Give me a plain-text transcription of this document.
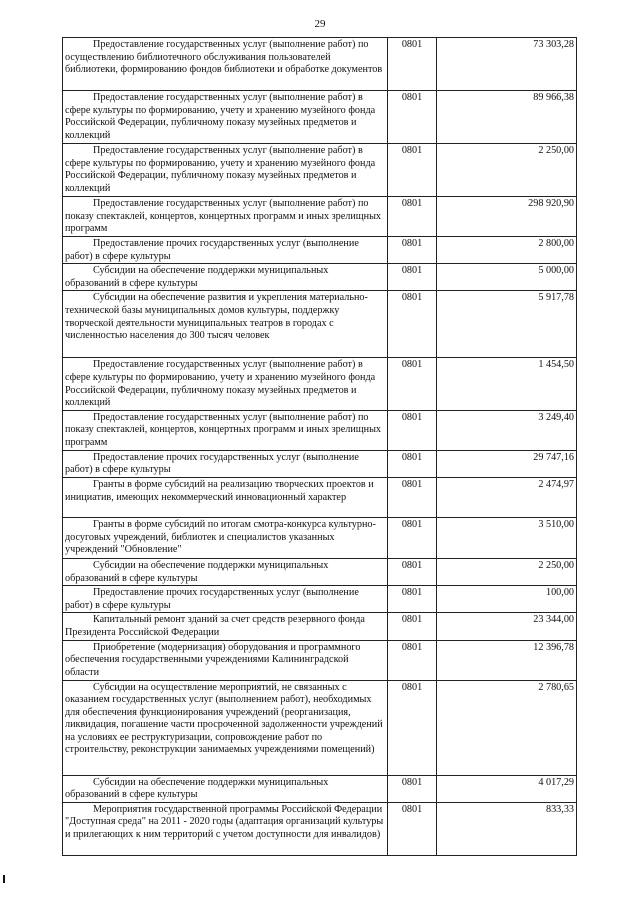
29
Предоставление государственных услуг (выполнение работ) по осуществлению библиотечного обслуживания пользователей библиотеки, формированию фондов библиотеки и обработке документов	0801	73 303,28
Предоставление государственных услуг (выполнение работ) в сфере культуры по формированию, учету и хранению музейного фонда Российской Федерации, публичному показу музейных предметов и коллекций	0801	89 966,38
Предоставление государственных услуг (выполнение работ) в сфере культуры по формированию, учету и хранению музейного фонда Российской Федерации, публичному показу музейных предметов и коллекций	0801	2 250,00
Предоставление государственных услуг (выполнение работ) по показу спектаклей, концертов, концертных программ и иных зрелищных программ	0801	298 920,90
Предоставление прочих государственных услуг (выполнение работ) в сфере культуры	0801	2 800,00
Субсидии на обеспечение поддержки муниципальных образований в сфере культуры	0801	5 000,00
Субсидии на обеспечение развития и укрепления материально-технической базы муниципальных домов культуры, поддержку творческой деятельности муниципальных театров в городах с численностью населения до 300 тысяч человек	0801	5 917,78
Предоставление государственных услуг (выполнение работ) в сфере культуры по формированию, учету и хранению музейного фонда Российской Федерации, публичному показу музейных предметов и коллекций	0801	1 454,50
Предоставление государственных услуг (выполнение работ) по показу спектаклей, концертов, концертных программ и иных зрелищных программ	0801	3 249,40
Предоставление прочих государственных услуг (выполнение работ) в сфере культуры	0801	29 747,16
Гранты в форме субсидий на реализацию творческих проектов и инициатив, имеющих некоммерческий инновационный характер	0801	2 474,97
Гранты в форме субсидий по итогам смотра-конкурса культурно-досуговых учреждений, библиотек и специалистов указанных учреждений "Обновление"	0801	3 510,00
Субсидии на обеспечение поддержки муниципальных образований в сфере культуры	0801	2 250,00
Предоставление прочих государственных услуг (выполнение работ) в сфере культуры	0801	100,00
Капитальный ремонт зданий за счет средств резервного фонда Президента Российской Федерации	0801	23 344,00
Приобретение (модернизация) оборудования и программного обеспечения государственными учреждениями Калининградской области	0801	12 396,78
Субсидии на осуществление мероприятий, не связанных с оказанием государственных услуг (выполнением работ), необходимых для обеспечения функционирования учреждений (реорганизация, ликвидация, погашение части просроченной задолженности учреждений на условиях ее реструктуризации, сопровождение работ по строительству, реконструкции занимаемых учреждениями помещений)	0801	2 780,65
Субсидии на обеспечение поддержки муниципальных образований в сфере культуры	0801	4 017,29
Мероприятия государственной программы Российской Федерации "Доступная среда" на 2011 - 2020 годы (адаптация организаций культуры и прилегающих к ним территорий с учетом доступности для инвалидов)	0801	833,33
